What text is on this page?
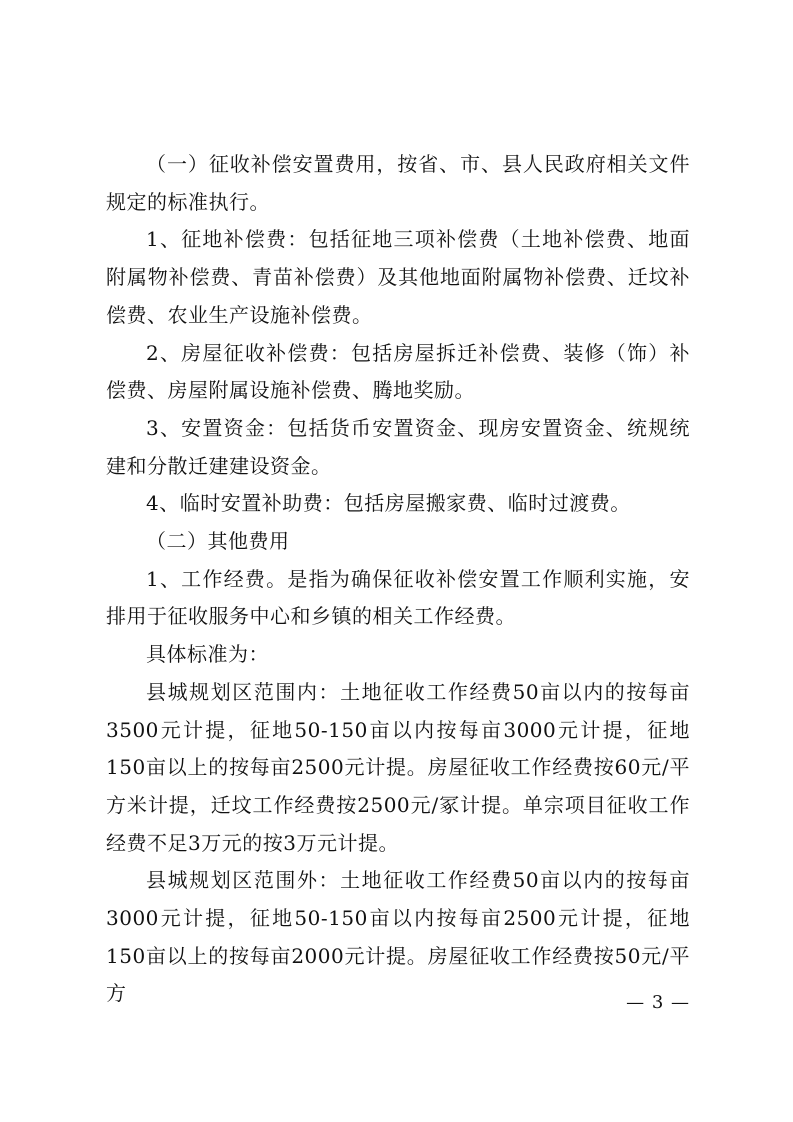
（一）征收补偿安置费用，按省、市、县人民政府相关文件规定的标准执行。

1、征地补偿费：包括征地三项补偿费（土地补偿费、地面附属物补偿费、青苗补偿费）及其他地面附属物补偿费、迁坟补偿费、农业生产设施补偿费。

2、房屋征收补偿费：包括房屋拆迁补偿费、装修（饰）补偿费、房屋附属设施补偿费、腾地奖励。

3、安置资金：包括货币安置资金、现房安置资金、统规统建和分散迁建建设资金。

4、临时安置补助费：包括房屋搬家费、临时过渡费。

（二）其他费用

1、工作经费。是指为确保征收补偿安置工作顺利实施，安排用于征收服务中心和乡镇的相关工作经费。

具体标准为：

县城规划区范围内：土地征收工作经费50亩以内的按每亩3500元计提，征地50-150亩以内按每亩3000元计提，征地150亩以上的按每亩2500元计提。房屋征收工作经费按60元/平方米计提，迁坟工作经费按2500元/冢计提。单宗项目征收工作经费不足3万元的按3万元计提。

县城规划区范围外：土地征收工作经费50亩以内的按每亩3000元计提，征地50-150亩以内按每亩2500元计提，征地150亩以上的按每亩2000元计提。房屋征收工作经费按50元/平方	— 3 —
